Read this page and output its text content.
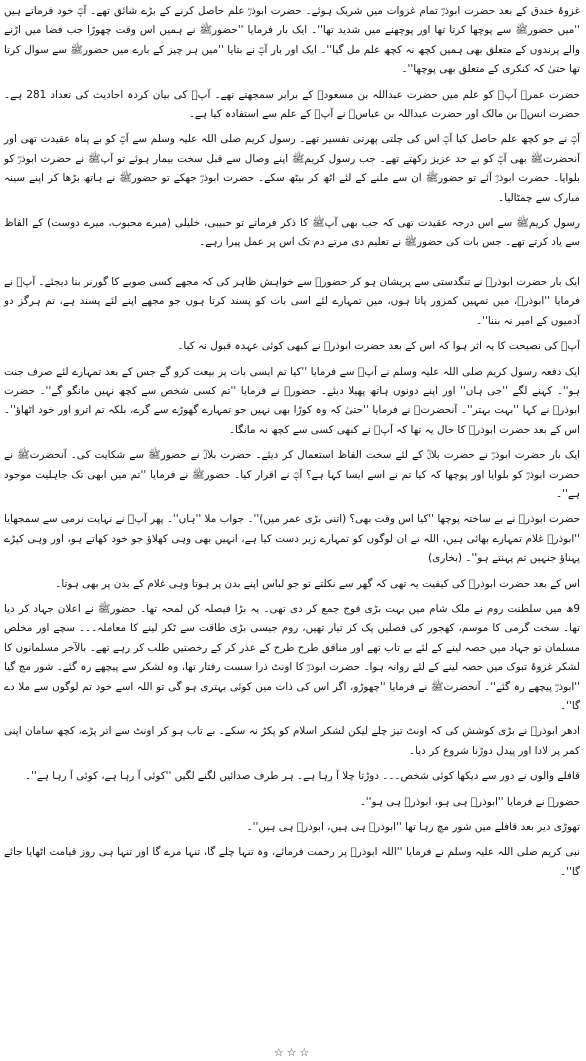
غزوۂ خندق کے بعد حضرت ابوذرؓ تمام غزوات میں شریک ہوئے۔ حضرت ابوذرؓ علم حاصل کرنے کے بڑے شائق تھے۔ آپؓ خود فرماتے ہیں ''میں حضورﷺ سے پوچھا کرتا تھا اور پوچھنے میں شدید تھا''۔ ایک بار فرمایا ''حضورﷺ نے ہمیں اس وقت چھوڑا جب فضا میں اڑنے والے پرندوں کے متعلق بھی ہمیں کچھ نہ کچھ علم مل گیا''۔ ایک اور بار آپؓ نے بتایا ''میں ہر چیز کے بارے میں حضورﷺ سے سوال کرتا تھا حتیٰ کہ کنکری کے متعلق بھی پوچھا''۔

حضرت عمرؓ آپؓ کو علم میں حضرت عبداللہ بن مسعودؓ کے برابر سمجھتے تھے۔ آپؓ کی بیان کردہ احادیث کی تعداد 281 ہے۔ حضرت انسؓ بن مالک اور حضرت عبداللہ بن عباسؓ نے آپؓ کے علم سے استفادہ کیا ہے۔

آپؓ نے جو کچھ علم حاصل کیا آپؓ اس کی چلتی پھرتی تفسیر تھے۔ رسول کریم صلی اللہ علیہ وسلم سے آپؓ کو بے پناہ عقیدت تھی اور آنحضرتﷺ بھی آپؓ کو بے حد عزیز رکھتے تھے۔ جب رسول کریمﷺ اپنے وصال سے قبل سخت بیمار ہوئے تو آپﷺ نے حضرت ابوذرؓ کو بلوایا۔ حضرت ابوذرؓ آئے تو حضورﷺ ان سے ملنے کے لئے اٹھ کر بیٹھ سکے۔ حضرت ابوذرؓ جھکے تو حضورﷺ نے ہاتھ بڑھا کر اپنے سینہ مبارک سے چمٹالیا۔

رسول کریمﷺ سے اس درجہ عقیدت تھی کہ جب بھی آپﷺ کا ذکر فرماتے تو حبیبی، خلیلی (میرے محبوب، میرے دوست) کے الفاظ سے یاد کرتے تھے۔ جس بات کی حضورﷺ نے تعلیم دی مرتے دم تک اس پر عمل پیرا رہے۔

ایک بار حضرت ابوذرؓ نے تنگدستی سے پریشان ہو کر حضورﷺ سے خواہش ظاہر کی کہ مجھے کسی صوبے کا گورنر بنا دیجئے۔ آپﷺ نے فرمایا ''ابوذرؓ، میں تمہیں کمزور پاتا ہوں، میں تمہارے لئے اسی بات کو پسند کرتا ہوں جو مجھے اپنے لئے پسند ہے، تم ہرگز دو آدمیوں کے امیر نہ بننا''۔

آپﷺ کی نصیحت کا یہ اثر ہوا کہ اس کے بعد حضرت ابوذرؓ نے کبھی کوئی عہدہ قبول نہ کیا۔

ایک دفعہ رسول کریم صلی اللہ علیہ وسلم نے آپؓ سے فرمایا ''کیا تم ایسی بات پر بیعت کرو گے جس کے بعد تمہارے لئے صرف جنت ہو''۔ کہنے لگے ''جی ہاں'' اور اپنے دونوں ہاتھ پھیلا دیئے۔ حضورﷺ نے فرمایا ''تم کسی شخص سے کچھ نہیں مانگو گے''۔ حضرت ابوذرؓ نے کہا ''بہت بہتر''۔ آنحضرتﷺ نے فرمایا ''حتیٰ کہ وہ کوڑا بھی نہیں جو تمہارے گھوڑے سے گرے، بلکہ تم اترو اور خود اٹھاؤ''۔ اس کے بعد حضرت ابوذرؓ کا حال یہ تھا کہ آپؓ نے کبھی کسی سے کچھ نہ مانگا۔

ایک بار حضرت ابوذرؓ نے حضرت بلالؓ کے لئے سخت الفاظ استعمال کر دیئے۔ حضرت بلالؓ نے حضورﷺ سے شکایت کی۔ آنحضرتﷺ نے حضرت ابوذرؓ کو بلوایا اور پوچھا کہ کیا تم نے اسے ایسا کہا ہے؟ آپؓ نے اقرار کیا۔ حضورﷺ نے فرمایا ''تم میں ابھی تک جاہلیت موجود ہے''۔

حضرت ابوذرؓ نے بے ساختہ پوچھا ''کیا اس وقت بھی؟ (اتنی بڑی عمر میں)''۔ جواب ملا ''ہاں''۔ پھر آپﷺ نے نہایت نرمی سے سمجھایا ''ابوذرؓ غلام تمہارے بھائی ہیں، اللہ نے ان لوگوں کو تمہارے زیر دست کیا ہے، انہیں بھی وہی کھلاؤ جو خود کھاتے ہو، اور وہی کپڑے پہناؤ جنہیں تم پہنتے ہو''۔ (بخاری)

اس کے بعد حضرت ابوذرؓ کی کیفیت یہ تھی کہ گھر سے نکلتے تو جو لباس اپنے بدن پر ہوتا وہی غلام کے بدن پر بھی ہوتا۔

9ھ میں سلطنت روم نے ملک شام میں بہت بڑی فوج جمع کر دی تھی۔ یہ بڑا فیصلہ کن لمحہ تھا۔ حضورﷺ نے اعلان جہاد کر دیا تھا۔ سخت گرمی کا موسم، کھجور کی فصلیں پک کر تیار تھیں، روم جیسی بڑی طاقت سے ٹکر لینے کا معاملہ۔۔۔ سچے اور مخلص مسلمان تو جہاد میں حصہ لینے کے لئے بے تاب تھے اور منافق طرح طرح کے عذر کر کے رخصتیں طلب کر رہے تھے۔ بالآخر مسلمانوں کا لشکر غزوۂ تبوک میں حصہ لینے کے لئے روانہ ہوا۔ حضرت ابوذرؓ کا اونٹ ذرا سست رفتار تھا، وہ لشکر سے پیچھے رہ گئے۔ شور مچ گیا ''ابوذرؓ پیچھے رہ گئے''۔ آنحضرتﷺ نے فرمایا ''چھوڑو، اگر اس کی ذات میں کوئی بہتری ہو گی تو اللہ اسے خود تم لوگوں سے ملا دے گا''۔

ادھر ابوذرؓ نے بڑی کوشش کی کہ اونٹ تیز چلے لیکن لشکر اسلام کو پکڑ نہ سکے۔ بے تاب ہو کر اونٹ سے اتر پڑے، کچھ سامان اپنی کمر پر لادا اور پیدل دوڑنا شروع کر دیا۔

قافلے والوں نے دور سے دیکھا کوئی شخص۔۔۔ دوڑتا چلا آ رہا ہے۔ ہر طرف صدائیں لگنے لگیں ''کوئی آ رہا ہے، کوئی آ رہا ہے''۔

حضورﷺ نے فرمایا ''ابوذرؓ ہی ہو، ابوذرؓ ہی ہو''۔

تھوڑی دیر بعد قافلے میں شور مچ رہا تھا ''ابوذرؓ ہی ہیں، ابوذرؓ ہی ہیں''۔

نبی کریم صلی اللہ علیہ وسلم نے فرمایا ''اللہ ابوذرؓ پر رحمت فرمائے، وہ تنہا چلے گا، تنہا مرے گا اور تنہا ہی روز قیامت اٹھایا جائے گا''۔

☆☆☆
